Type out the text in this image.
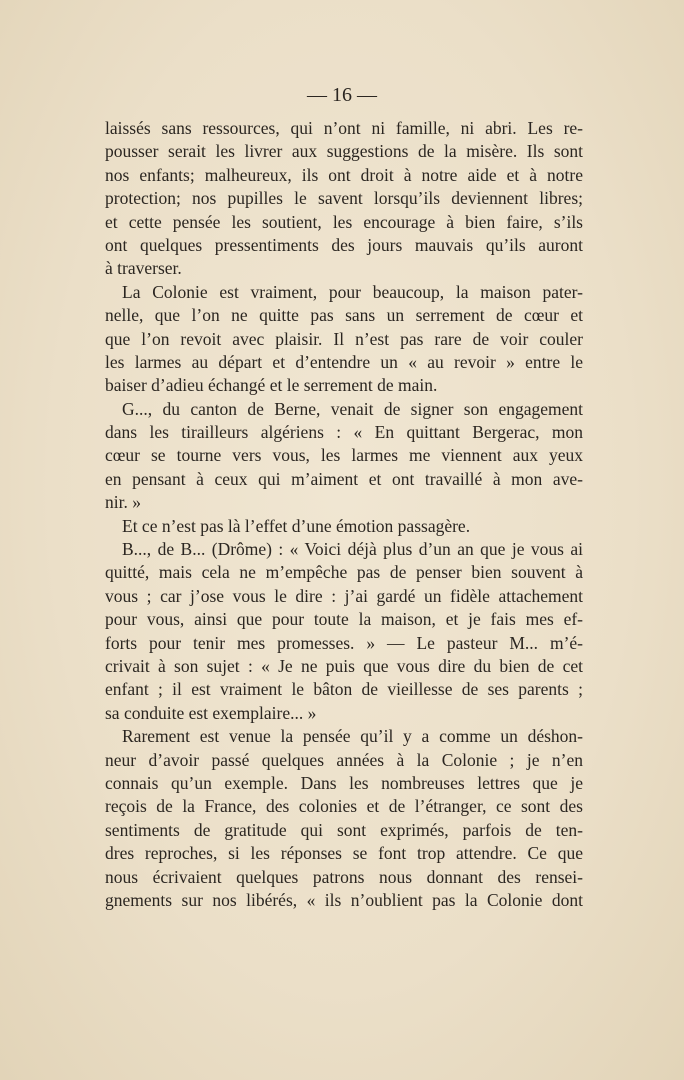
— 16 —
laissés sans ressources, qui n’ont ni famille, ni abri. Les re-
pousser serait les livrer aux suggestions de la misère. Ils sont
nos enfants; malheureux, ils ont droit à notre aide et à notre
protection; nos pupilles le savent lorsqu’ils deviennent libres;
et cette pensée les soutient, les encourage à bien faire, s’ils
ont quelques pressentiments des jours mauvais qu’ils auront
à traverser.
La Colonie est vraiment, pour beaucoup, la maison pater-
nelle, que l’on ne quitte pas sans un serrement de cœur et
que l’on revoit avec plaisir. Il n’est pas rare de voir couler
les larmes au départ et d’entendre un « au revoir » entre le
baiser d’adieu échangé et le serrement de main.
G..., du canton de Berne, venait de signer son engagement
dans les tirailleurs algériens : « En quittant Bergerac, mon
cœur se tourne vers vous, les larmes me viennent aux yeux
en pensant à ceux qui m’aiment et ont travaillé à mon ave-
nir. »
Et ce n’est pas là l’effet d’une émotion passagère.
B..., de B... (Drôme) : « Voici déjà plus d’un an que je vous ai
quitté, mais cela ne m’empêche pas de penser bien souvent à
vous ; car j’ose vous le dire : j’ai gardé un fidèle attachement
pour vous, ainsi que pour toute la maison, et je fais mes ef-
forts pour tenir mes promesses. » — Le pasteur M... m’é-
crivait à son sujet : « Je ne puis que vous dire du bien de cet
enfant ; il est vraiment le bâton de vieillesse de ses parents ;
sa conduite est exemplaire... »
Rarement est venue la pensée qu’il y a comme un déshon-
neur d’avoir passé quelques années à la Colonie ; je n’en
connais qu’un exemple. Dans les nombreuses lettres que je
reçois de la France, des colonies et de l’étranger, ce sont des
sentiments de gratitude qui sont exprimés, parfois de ten-
dres reproches, si les réponses se font trop attendre. Ce que
nous écrivaient quelques patrons nous donnant des rensei-
gnements sur nos libérés, « ils n’oublient pas la Colonie dont
